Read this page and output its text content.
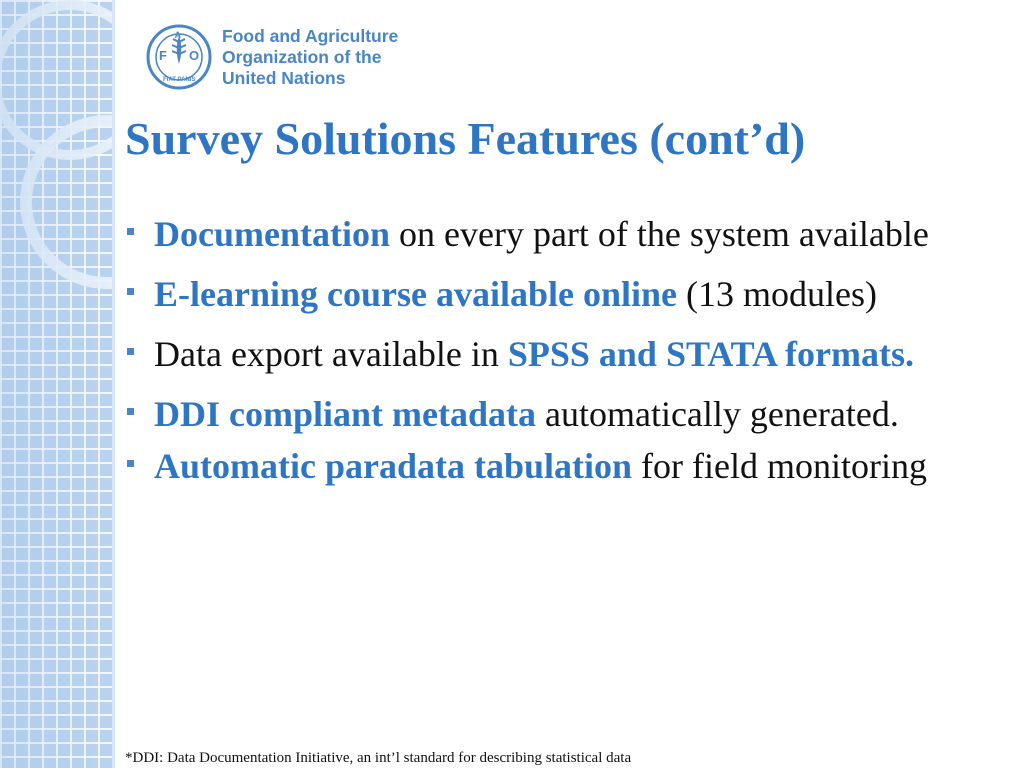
F
A
O
FIAT PANIS
Food and Agriculture
Organization of the
United Nations
Survey Solutions Features (cont’d)
Documentation on every part of the system available
E-learning course available online (13 modules)
Data export available in SPSS and STATA formats.
DDI compliant metadata automatically generated.
Automatic paradata tabulation for field monitoring
*DDI: Data Documentation Initiative, an int’l standard for describing statistical data
